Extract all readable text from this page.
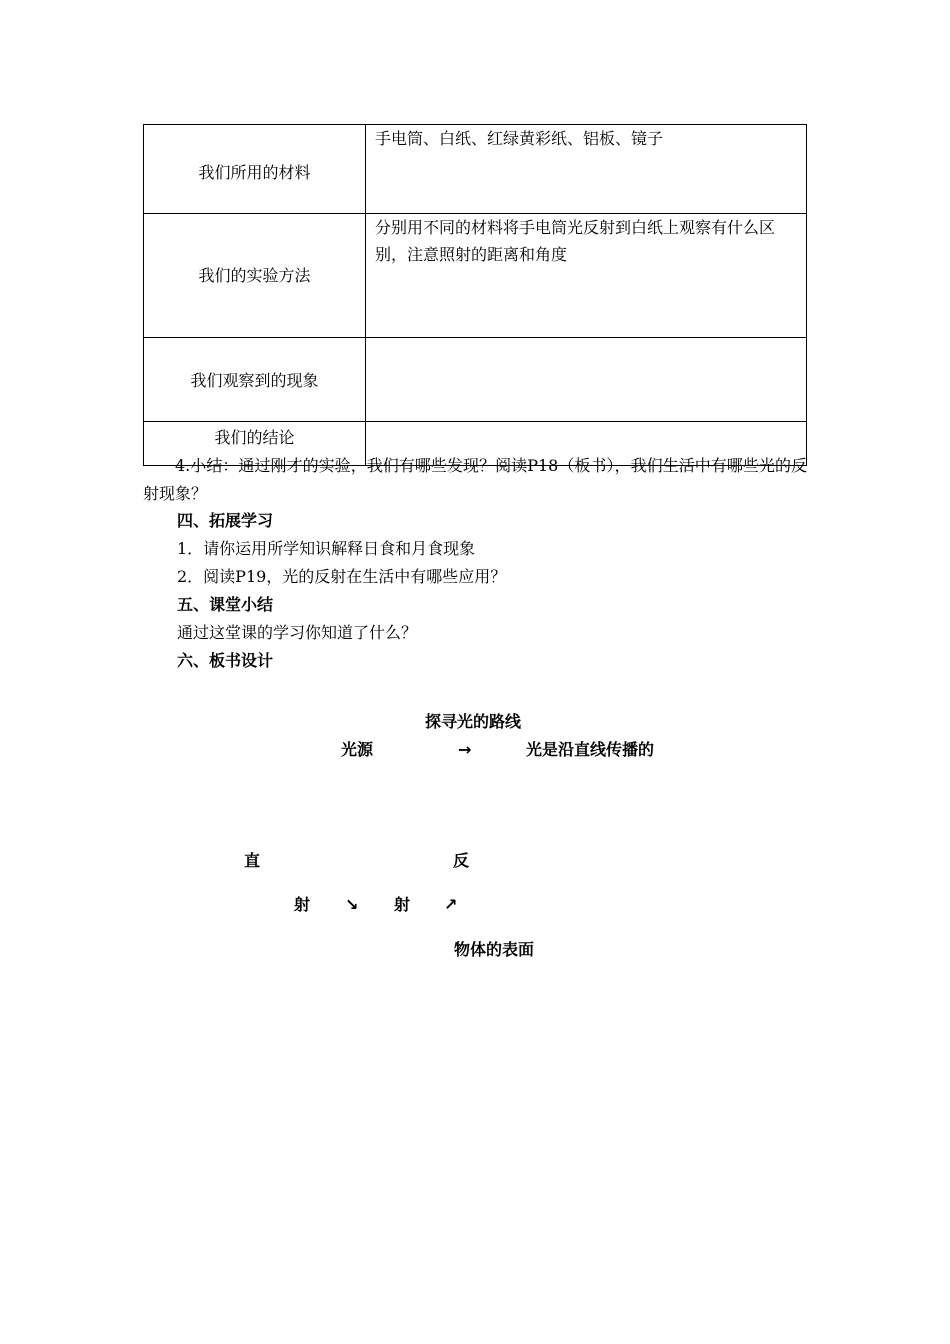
我们所用的材料	手电筒、白纸、红绿黄彩纸、铝板、镜子
我们的实验方法	分别用不同的材料将手电筒光反射到白纸上观察有什么区别，注意照射的距离和角度
我们观察到的现象	
我们的结论	
4.小结：通过刚才的实验，我们有哪些发现？阅读P18（板书），我们生活中有哪些光的反射现象？
四、拓展学习
1．请你运用所学知识解释日食和月食现象
2．阅读P19，光的反射在生活中有哪些应用？
五、课堂小结
通过这堂课的学习你知道了什么？
六、板书设计
探寻光的路线
光源	→	光是沿直线传播的
直	反
射 ↘ 射 ↗
物体的表面
